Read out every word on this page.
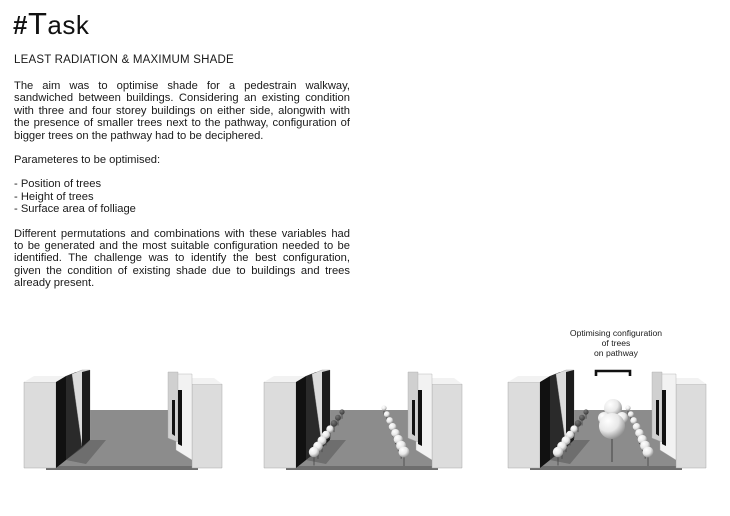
#Task
LEAST RADIATION & MAXIMUM SHADE

The aim was to optimise shade for a pedestrain walkway, sandwiched between buildings. Considering an existing condition with three and four storey buildings on either side, alongwith with the presence of smaller trees next to the pathway, configuration of bigger trees on the pathway had to be deciphered.

Parameteres to be optimised:

- Position of trees
- Height of trees
- Surface area of folliage

Different permutations and combinations with these variables had to be generated and the most suitable configuration needed to be identified. The challenge was to identify the best configuration, given the condition of existing shade due to buildings and trees already present.

Optimising configuration
of trees
on pathway
